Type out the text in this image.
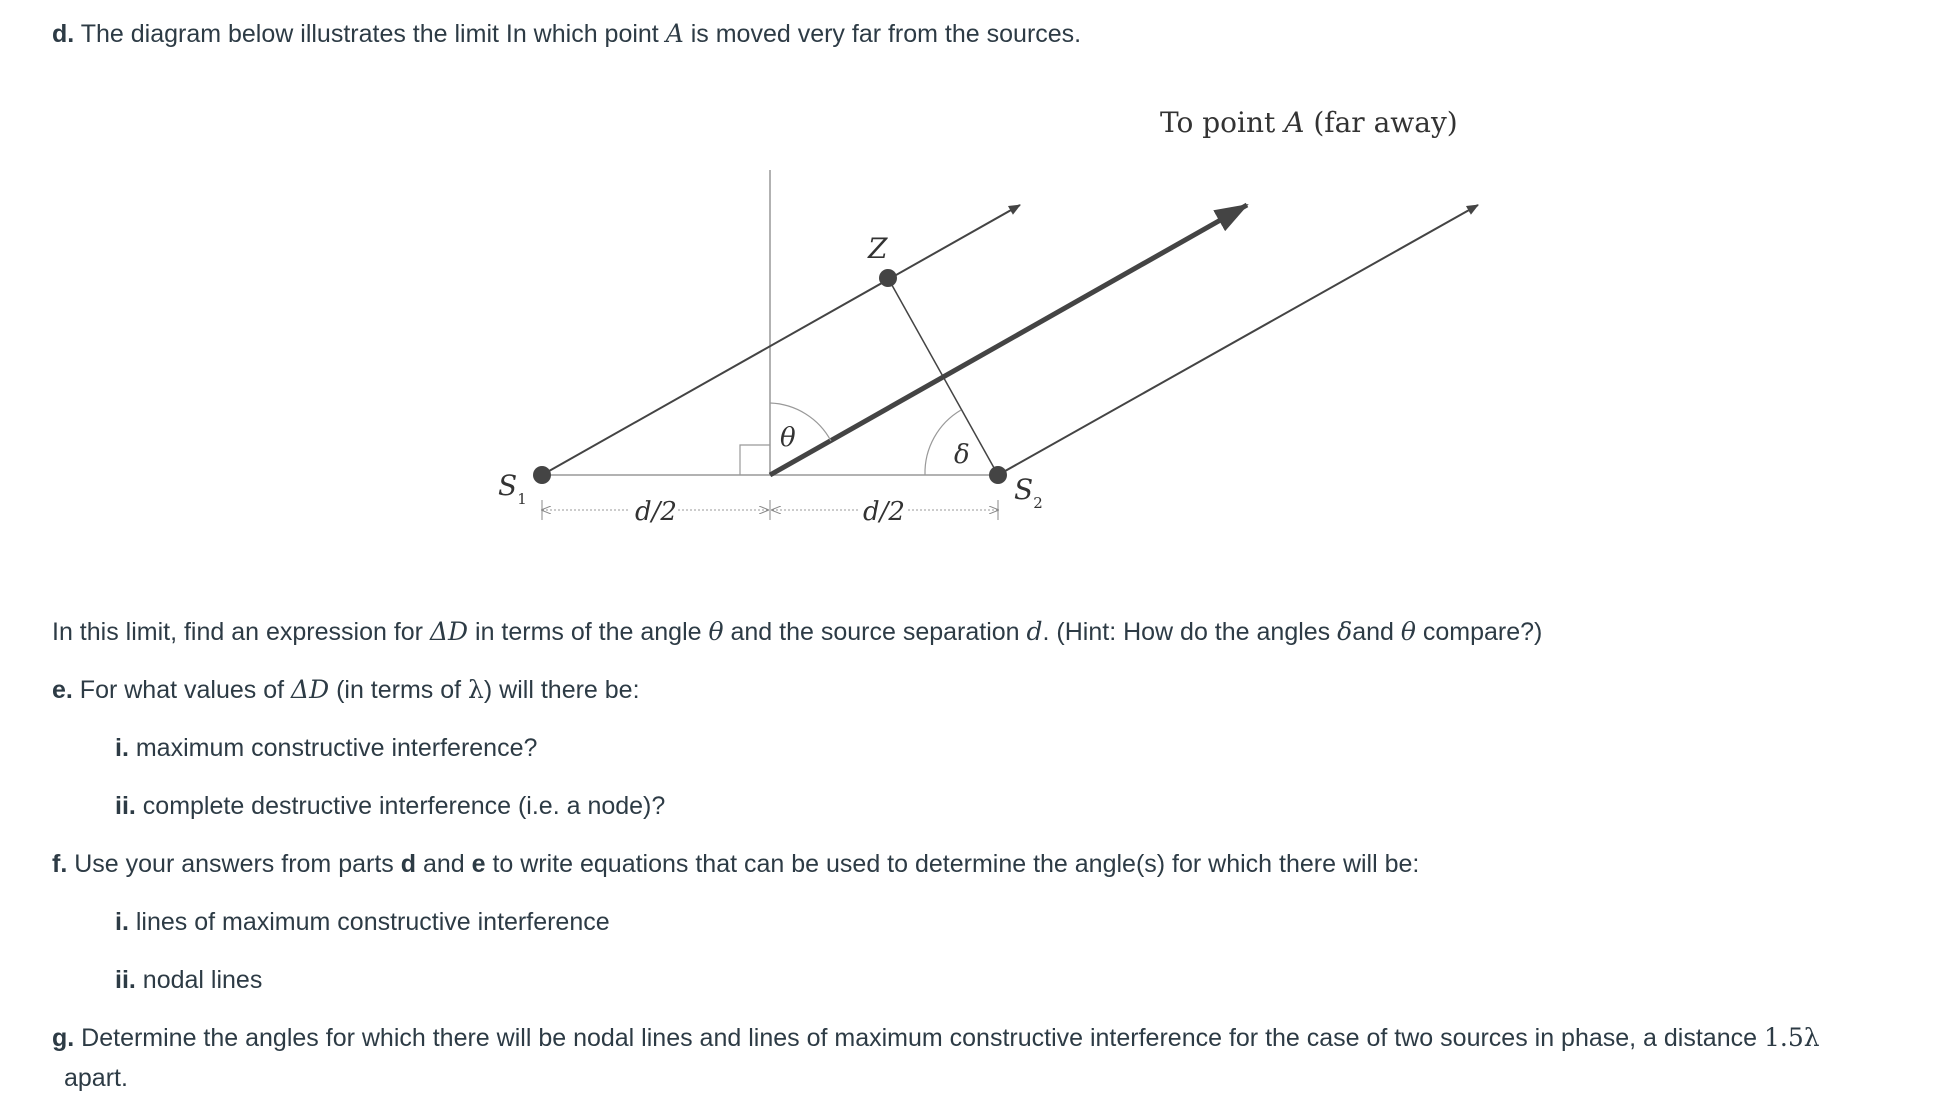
d. The diagram below illustrates the limit In which point A is moved very far from the sources.
To point A (far away)
Z
θ
δ
$S_1$	$S_2$
d/2	d/2
In this limit, find an expression for ΔD in terms of the angle θ and the source separation d. (Hint: How do the angles δand θ compare?)
e. For what values of ΔD (in terms of λ) will there be:
i. maximum constructive interference?
ii. complete destructive interference (i.e. a node)?
f. Use your answers from parts d and e to write equations that can be used to determine the angle(s) for which there will be:
i. lines of maximum constructive interference
ii. nodal lines
g. Determine the angles for which there will be nodal lines and lines of maximum constructive interference for the case of two sources in phase, a distance 1.5λ
apart.
